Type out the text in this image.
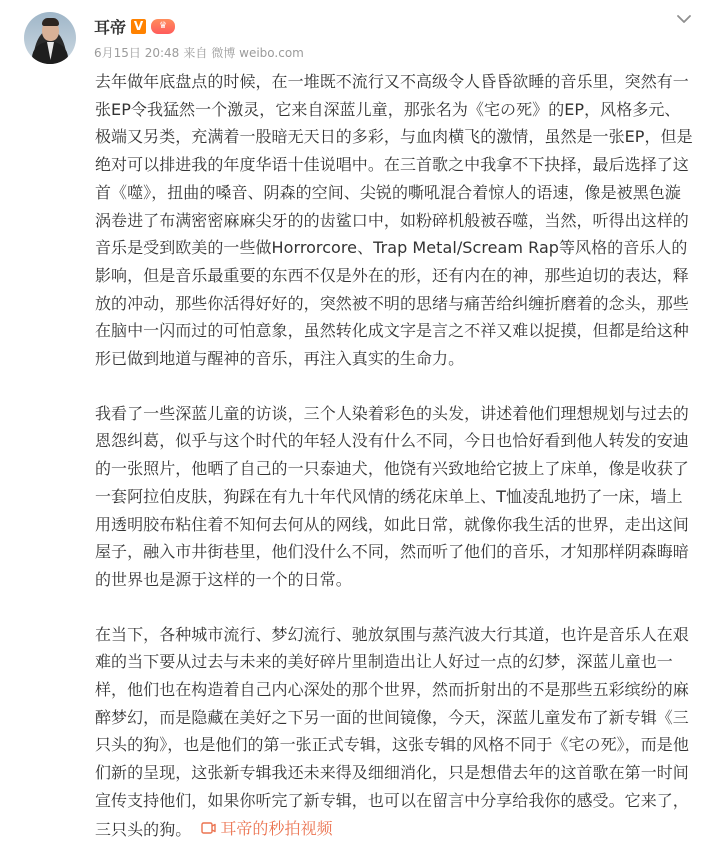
耳帝 V	♛
6月15日 20:48 来自 微博 weibo.com

去年做年底盘点的时候，在一堆既不流行又不高级令人昏昏欲睡的音乐里，突然有一张EP令我猛然一个激灵，它来自深蓝儿童，那张名为《宅の死》的EP，风格多元、极端又另类，充满着一股暗无天日的多彩，与血肉横飞的激情，虽然是一张EP，但是绝对可以排进我的年度华语十佳说唱中。在三首歌之中我拿不下抉择，最后选择了这首《噬》，扭曲的嗓音、阴森的空间、尖锐的嘶吼混合着惊人的语速，像是被黑色漩涡卷进了布满密密麻麻尖牙的的齿鲨口中，如粉碎机般被吞噬，当然，听得出这样的音乐是受到欧美的一些做Horrorcore、Trap Metal/Scream Rap等风格的音乐人的影响，但是音乐最重要的东西不仅是外在的形，还有内在的神，那些迫切的表达，释放的冲动，那些你活得好好的，突然被不明的思绪与痛苦给纠缠折磨着的念头，那些在脑中一闪而过的可怕意象，虽然转化成文字是言之不祥又难以捉摸，但都是给这种形已做到地道与醒神的音乐，再注入真实的生命力。

我看了一些深蓝儿童的访谈，三个人染着彩色的头发，讲述着他们理想规划与过去的恩怨纠葛，似乎与这个时代的年轻人没有什么不同，今日也恰好看到他人转发的安迪的一张照片，他晒了自己的一只泰迪犬，他饶有兴致地给它披上了床单，像是收获了一套阿拉伯皮肤，狗踩在有九十年代风情的绣花床单上、T恤凌乱地扔了一床，墙上用透明胶布粘住着不知何去何从的网线，如此日常，就像你我生活的世界，走出这间屋子，融入市井街巷里，他们没什么不同，然而听了他们的音乐，才知那样阴森晦暗的世界也是源于这样的一个的日常。

在当下，各种城市流行、梦幻流行、驰放氛围与蒸汽波大行其道，也许是音乐人在艰难的当下要从过去与未来的美好碎片里制造出让人好过一点的幻梦，深蓝儿童也一样，他们也在构造着自己内心深处的那个世界，然而折射出的不是那些五彩缤纷的麻醉梦幻，而是隐藏在美好之下另一面的世间镜像，今天，深蓝儿童发布了新专辑《三只头的狗》，也是他们的第一张正式专辑，这张专辑的风格不同于《宅の死》，而是他们新的呈现，这张新专辑我还未来得及细细消化，只是想借去年的这首歌在第一时间宣传支持他们，如果你听完了新专辑，也可以在留言中分享给我你的感受。它来了，三只头的狗。 耳帝的秒拍视频
